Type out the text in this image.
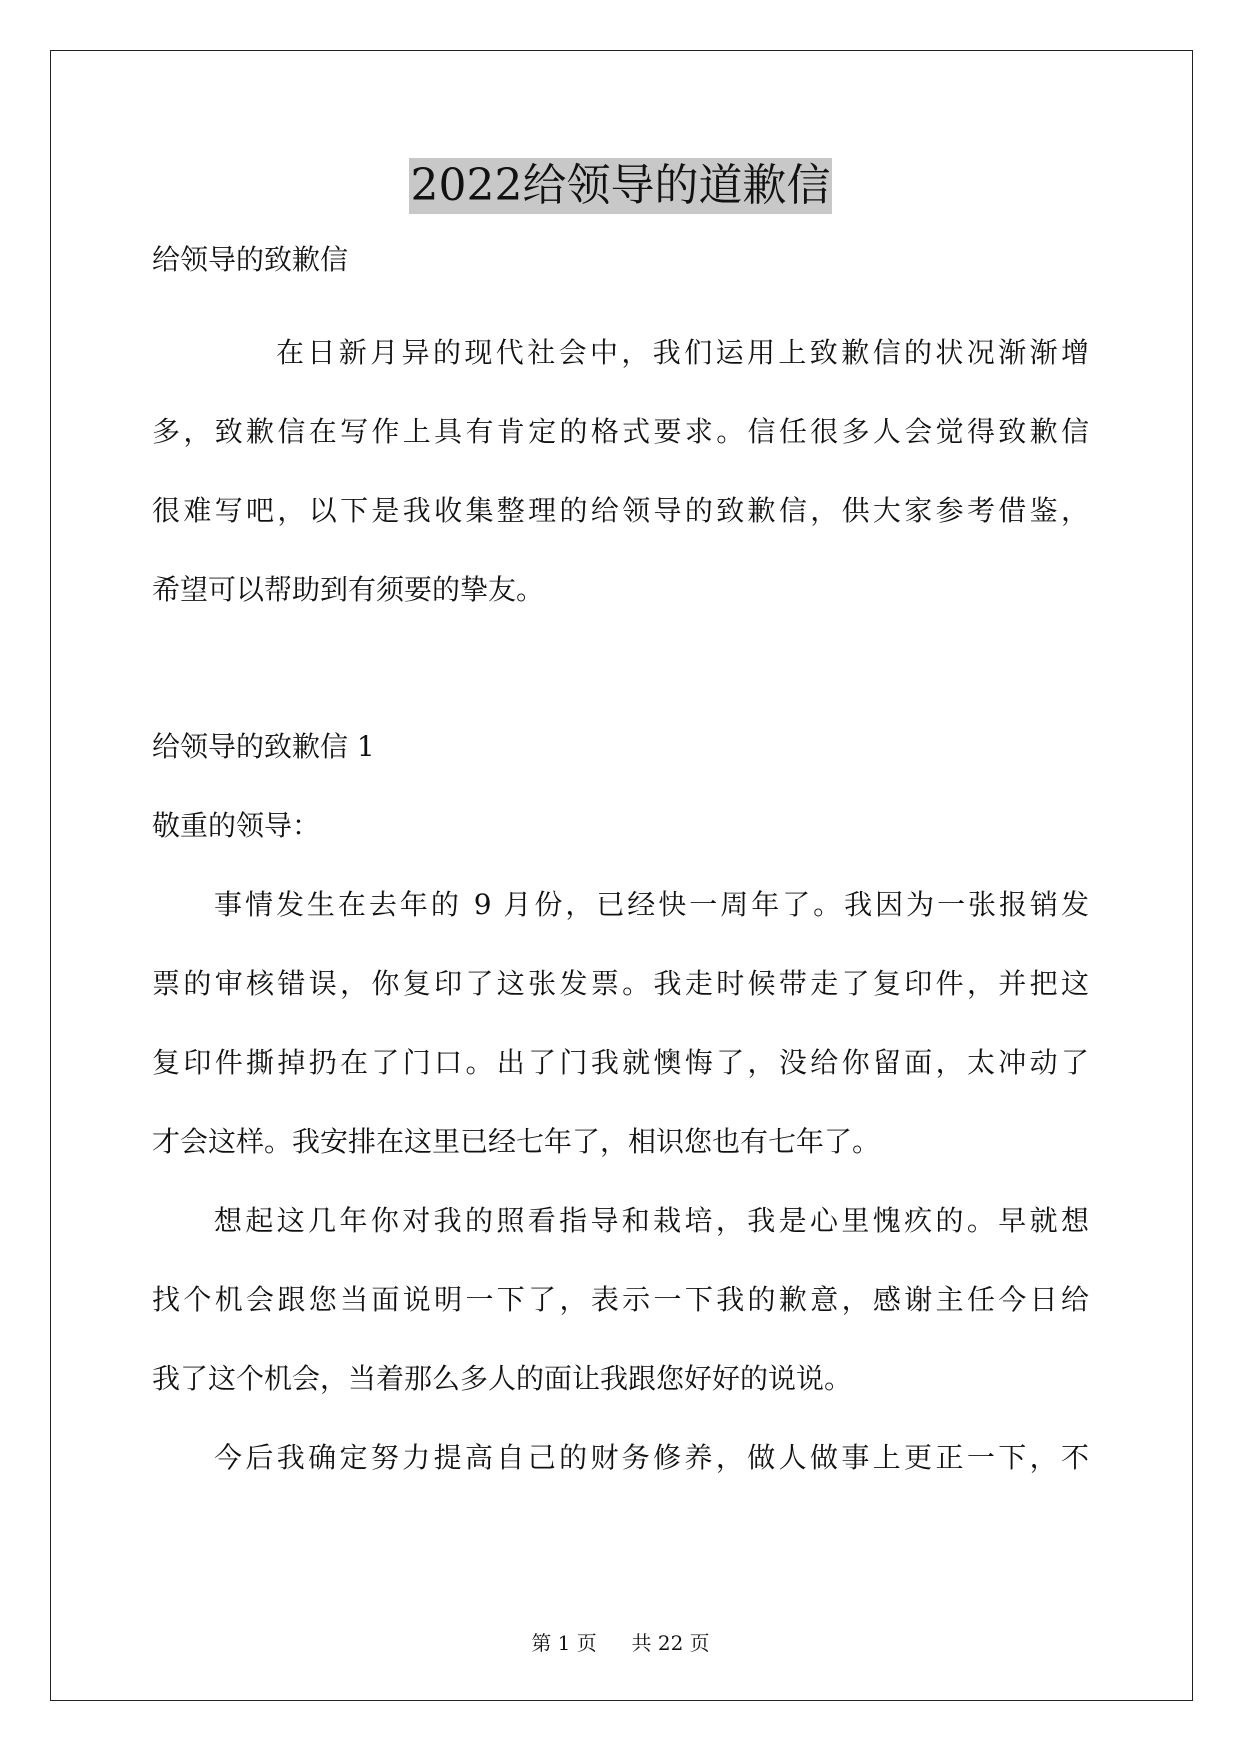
2022给领导的道歉信
给领导的致歉信
在日新月异的现代社会中，我们运用上致歉信的状况渐渐增
多，致歉信在写作上具有肯定的格式要求。信任很多人会觉得致歉信
很难写吧，以下是我收集整理的给领导的致歉信，供大家参考借鉴，
希望可以帮助到有须要的挚友。
给领导的致歉信 1
敬重的领导：
事情发生在去年的 9 月份，已经快一周年了。我因为一张报销发
票的审核错误，你复印了这张发票。我走时候带走了复印件，并把这
复印件撕掉扔在了门口。出了门我就懊悔了，没给你留面，太冲动了
才会这样。我安排在这里已经七年了，相识您也有七年了。
想起这几年你对我的照看指导和栽培，我是心里愧疚的。早就想
找个机会跟您当面说明一下了，表示一下我的歉意，感谢主任今日给
我了这个机会，当着那么多人的面让我跟您好好的说说。
今后我确定努力提高自己的财务修养，做人做事上更正一下，不
第 1 页 共 22 页
